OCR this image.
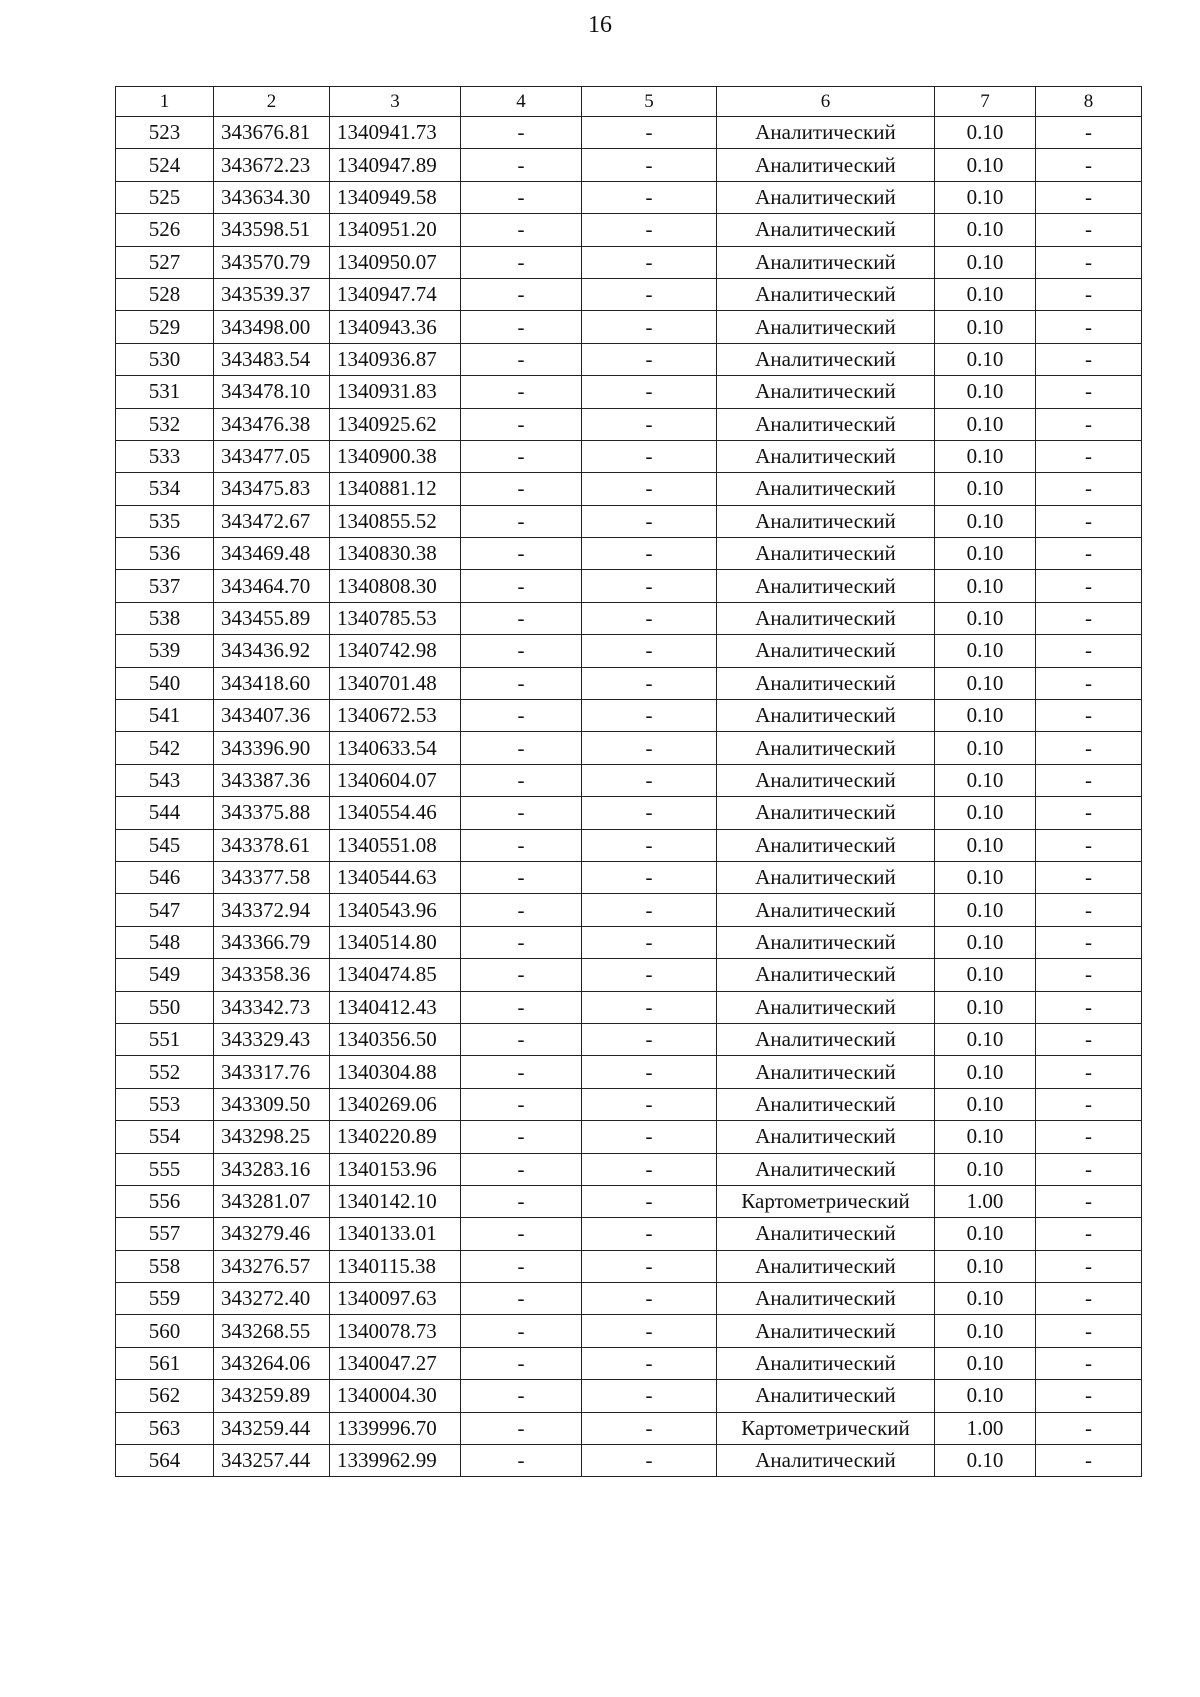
16
1	2	3	4	5	6	7	8
523	343676.81	1340941.73	-	-	Аналитический	0.10	-
524	343672.23	1340947.89	-	-	Аналитический	0.10	-
525	343634.30	1340949.58	-	-	Аналитический	0.10	-
526	343598.51	1340951.20	-	-	Аналитический	0.10	-
527	343570.79	1340950.07	-	-	Аналитический	0.10	-
528	343539.37	1340947.74	-	-	Аналитический	0.10	-
529	343498.00	1340943.36	-	-	Аналитический	0.10	-
530	343483.54	1340936.87	-	-	Аналитический	0.10	-
531	343478.10	1340931.83	-	-	Аналитический	0.10	-
532	343476.38	1340925.62	-	-	Аналитический	0.10	-
533	343477.05	1340900.38	-	-	Аналитический	0.10	-
534	343475.83	1340881.12	-	-	Аналитический	0.10	-
535	343472.67	1340855.52	-	-	Аналитический	0.10	-
536	343469.48	1340830.38	-	-	Аналитический	0.10	-
537	343464.70	1340808.30	-	-	Аналитический	0.10	-
538	343455.89	1340785.53	-	-	Аналитический	0.10	-
539	343436.92	1340742.98	-	-	Аналитический	0.10	-
540	343418.60	1340701.48	-	-	Аналитический	0.10	-
541	343407.36	1340672.53	-	-	Аналитический	0.10	-
542	343396.90	1340633.54	-	-	Аналитический	0.10	-
543	343387.36	1340604.07	-	-	Аналитический	0.10	-
544	343375.88	1340554.46	-	-	Аналитический	0.10	-
545	343378.61	1340551.08	-	-	Аналитический	0.10	-
546	343377.58	1340544.63	-	-	Аналитический	0.10	-
547	343372.94	1340543.96	-	-	Аналитический	0.10	-
548	343366.79	1340514.80	-	-	Аналитический	0.10	-
549	343358.36	1340474.85	-	-	Аналитический	0.10	-
550	343342.73	1340412.43	-	-	Аналитический	0.10	-
551	343329.43	1340356.50	-	-	Аналитический	0.10	-
552	343317.76	1340304.88	-	-	Аналитический	0.10	-
553	343309.50	1340269.06	-	-	Аналитический	0.10	-
554	343298.25	1340220.89	-	-	Аналитический	0.10	-
555	343283.16	1340153.96	-	-	Аналитический	0.10	-
556	343281.07	1340142.10	-	-	Картометрический	1.00	-
557	343279.46	1340133.01	-	-	Аналитический	0.10	-
558	343276.57	1340115.38	-	-	Аналитический	0.10	-
559	343272.40	1340097.63	-	-	Аналитический	0.10	-
560	343268.55	1340078.73	-	-	Аналитический	0.10	-
561	343264.06	1340047.27	-	-	Аналитический	0.10	-
562	343259.89	1340004.30	-	-	Аналитический	0.10	-
563	343259.44	1339996.70	-	-	Картометрический	1.00	-
564	343257.44	1339962.99	-	-	Аналитический	0.10	-
